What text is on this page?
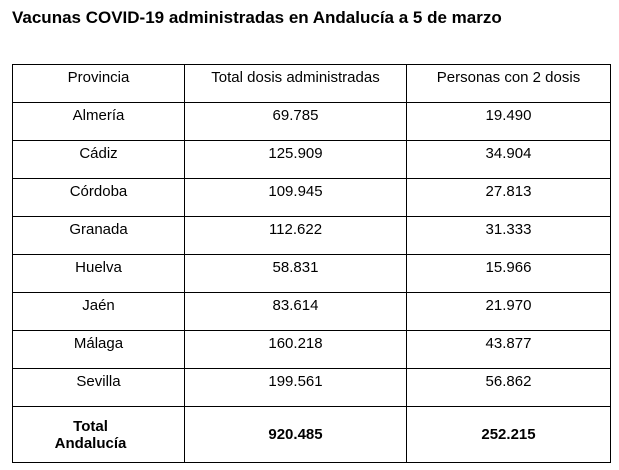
Vacunas COVID-19 administradas en Andalucía a 5 de marzo
Provincia	Total dosis administradas	Personas con 2 dosis
Almería	69.785	19.490
Cádiz	125.909	34.904
Córdoba	109.945	27.813
Granada	112.622	31.333
Huelva	58.831	15.966
Jaén	83.614	21.970
Málaga	160.218	43.877
Sevilla	199.561	56.862
Total
Andalucía	920.485	252.215
